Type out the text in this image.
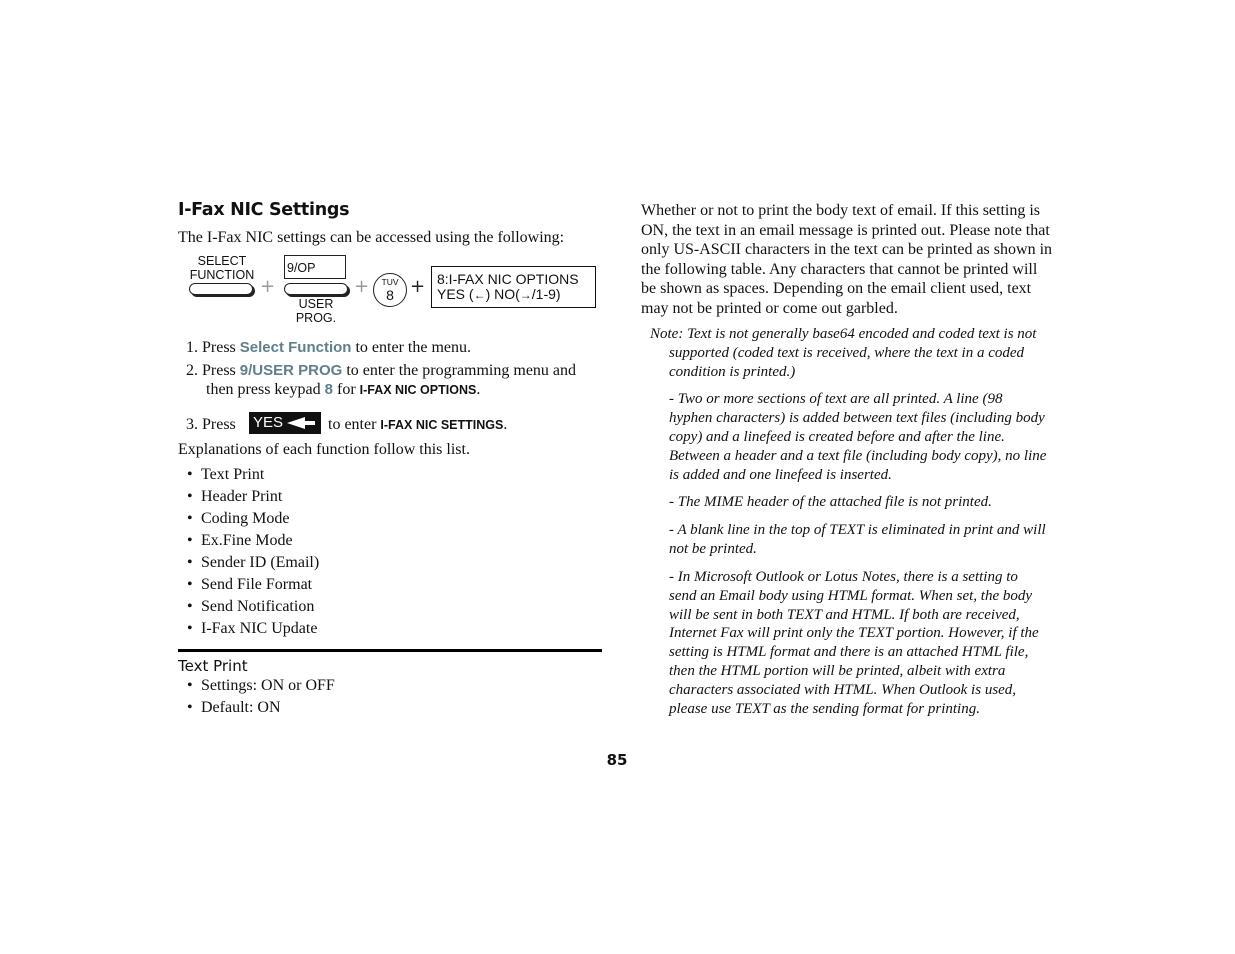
I-Fax NIC Settings
The I-Fax NIC settings can be accessed using the following:
SELECT
FUNCTION
+
9/OP
USER
PROG.
+	TUV
8 + 8:I-FAX NIC OPTIONS
YES (←) NO(→/1-9)
1. Press Select Function to enter the menu.
2. Press 9/USER PROG to enter the programming menu and
then press keypad 8 for I-FAX NIC OPTIONS.
3. Press	YES	to enter I-FAX NIC SETTINGS.
Explanations of each function follow this list.
• Text Print
• Header Print
• Coding Mode
• Ex.Fine Mode
• Sender ID (Email)
• Send File Format
• Send Notification
• I-Fax NIC Update
Text Print
• Settings: ON or OFF
• Default: ON
Whether or not to print the body text of email. If this setting is
ON, the text in an email message is printed out. Please note that
only US-ASCII characters in the text can be printed as shown in
the following table. Any characters that cannot be printed will
be shown as spaces. Depending on the email client used, text
may not be printed or come out garbled.
Note: Text is not generally base64 encoded and coded text is not
supported (coded text is received, where the text in a coded
condition is printed.)
- Two or more sections of text are all printed. A line (98
hyphen characters) is added between text files (including body
copy) and a linefeed is created before and after the line.
Between a header and a text file (including body copy), no line
is added and one linefeed is inserted.
- The MIME header of the attached file is not printed.
- A blank line in the top of TEXT is eliminated in print and will
not be printed.
- In Microsoft Outlook or Lotus Notes, there is a setting to
send an Email body using HTML format. When set, the body
will be sent in both TEXT and HTML. If both are received,
Internet Fax will print only the TEXT portion. However, if the
setting is HTML format and there is an attached HTML file,
then the HTML portion will be printed, albeit with extra
characters associated with HTML. When Outlook is used,
please use TEXT as the sending format for printing.
85
